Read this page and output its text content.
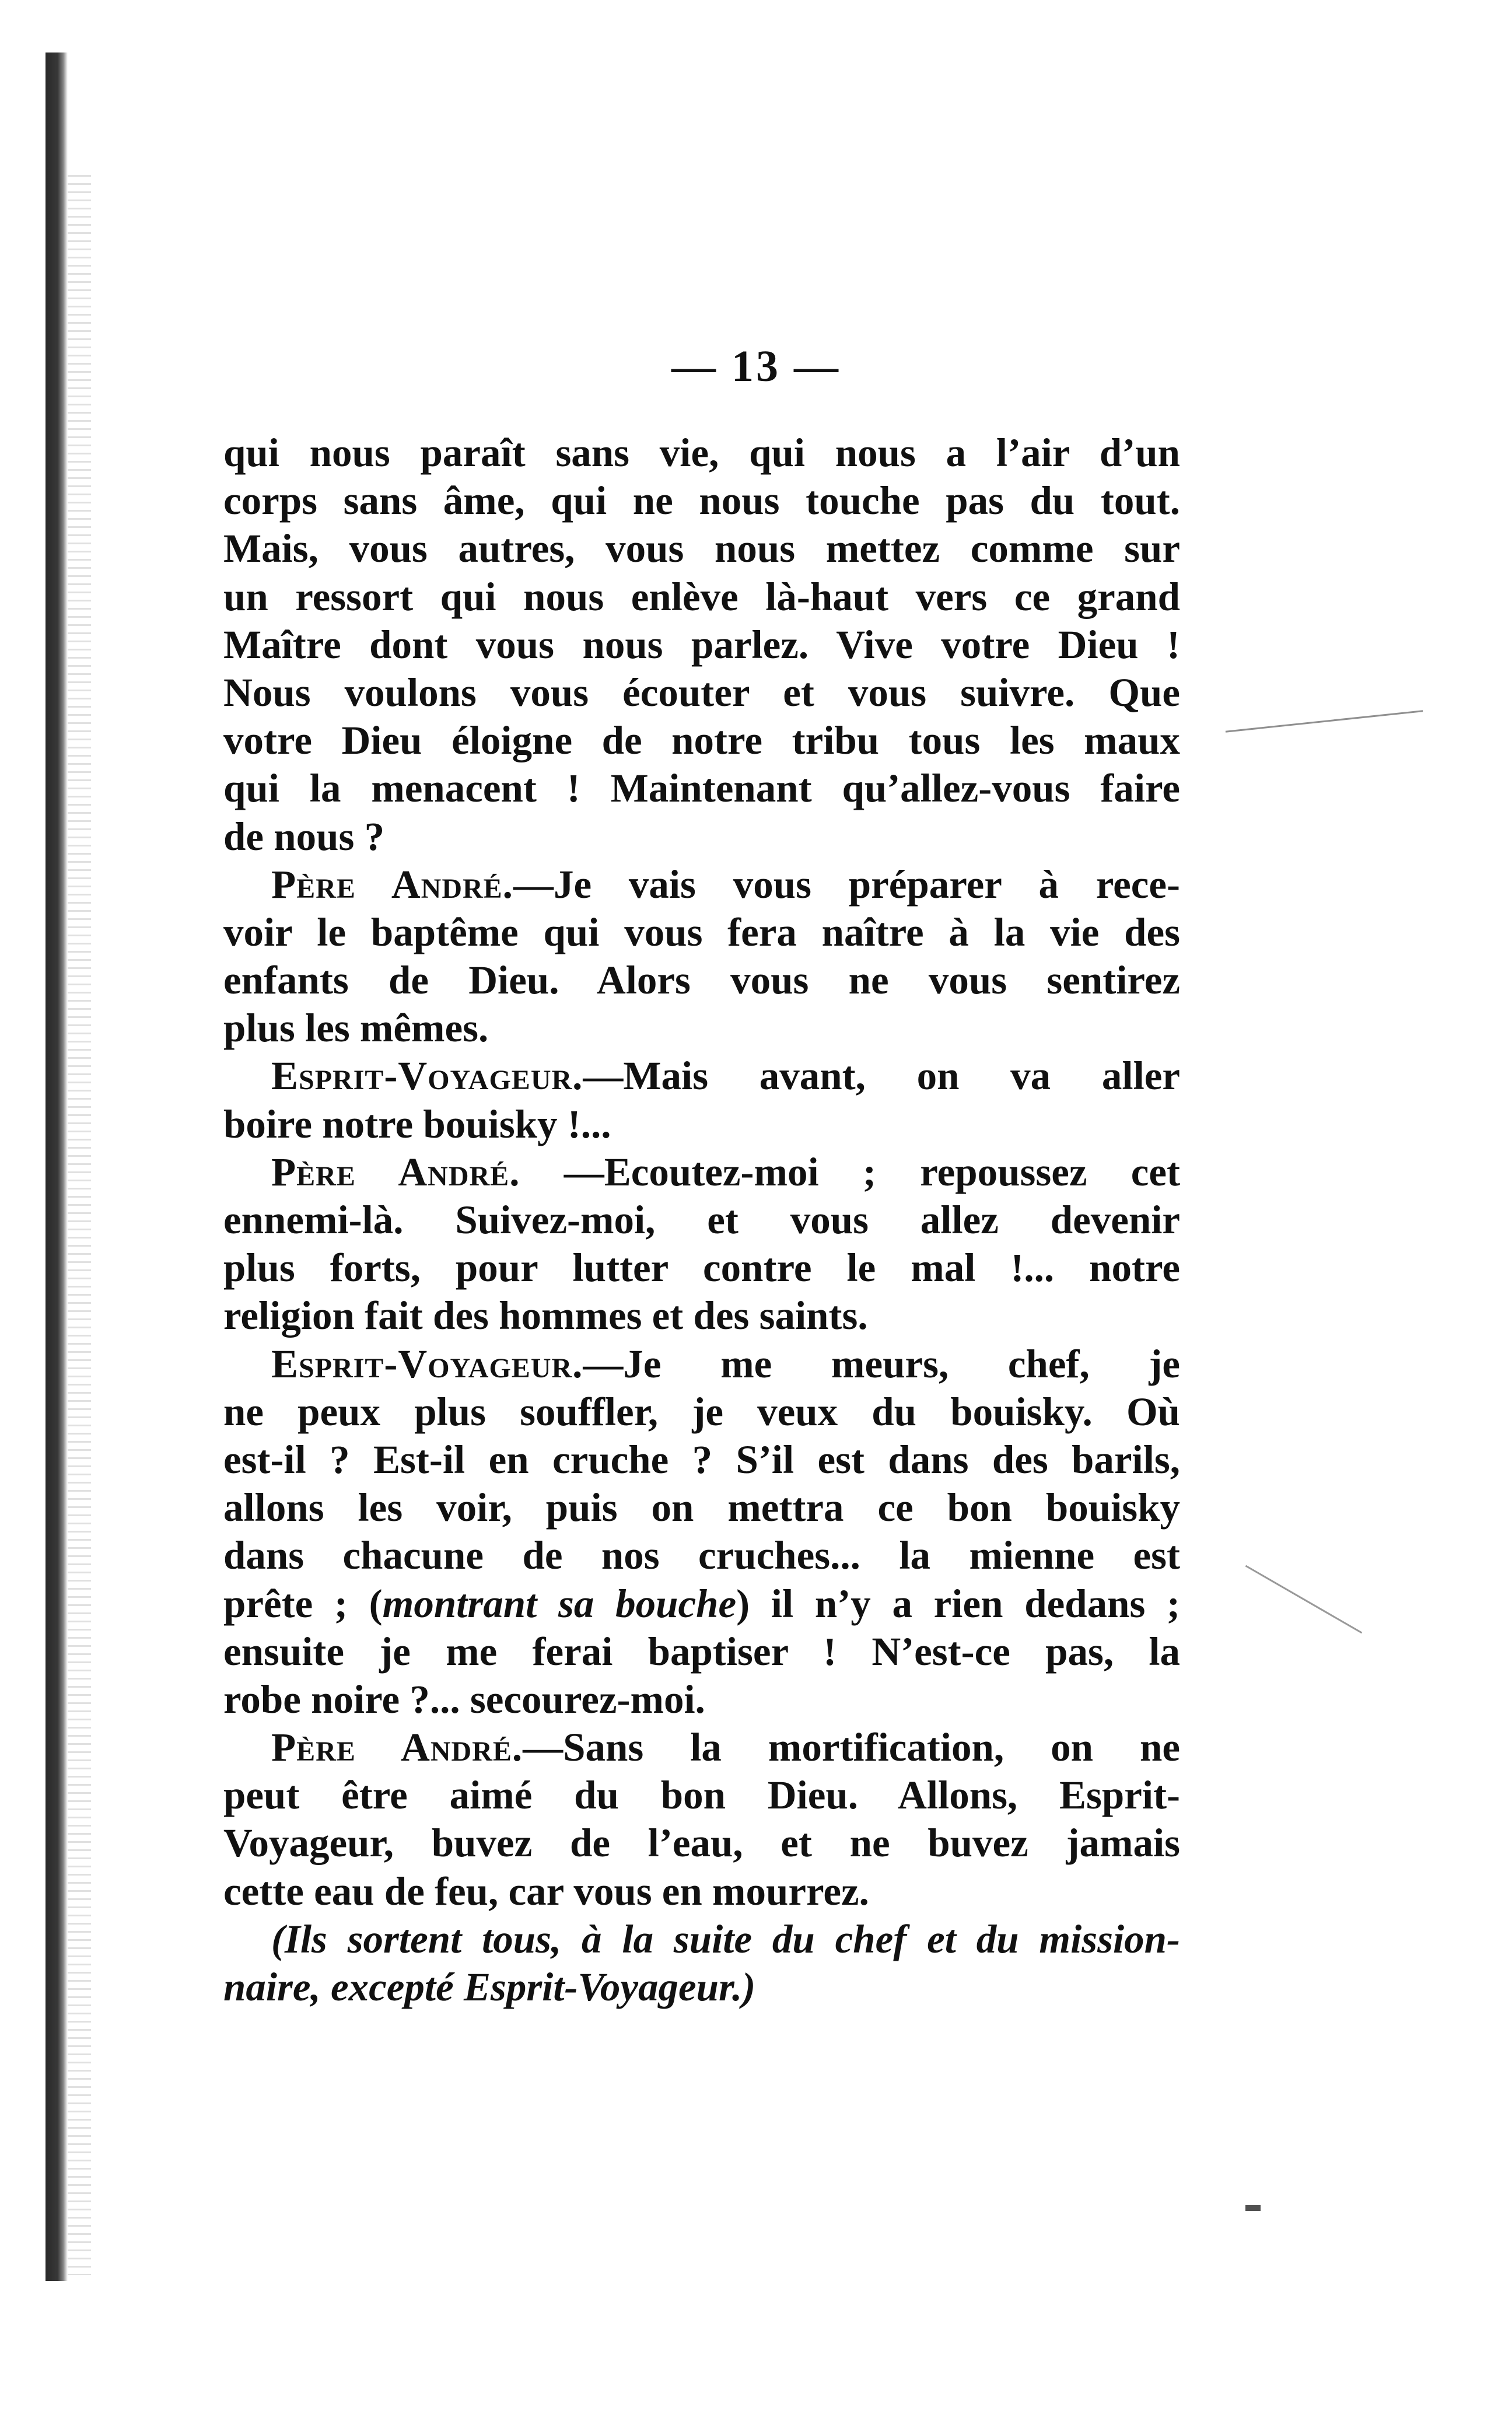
— 13 —
qui nous paraît sans vie, qui nous a l’air d’un
corps sans âme, qui ne nous touche pas du tout.
Mais, vous autres, vous nous mettez comme sur
un ressort qui nous enlève là-haut vers ce grand
Maître dont vous nous parlez. Vive votre Dieu !
Nous voulons vous écouter et vous suivre. Que
votre Dieu éloigne de notre tribu tous les maux
qui la menacent ! Maintenant qu’allez-vous faire
de nous ?
Père André.—Je vais vous préparer à rece-
voir le baptême qui vous fera naître à la vie des
enfants de Dieu. Alors vous ne vous sentirez
plus les mêmes.
Esprit-Voyageur.—Mais avant, on va aller
boire notre bouisky !...
Père André. —Ecoutez-moi ; repoussez cet
ennemi-là. Suivez-moi, et vous allez devenir
plus forts, pour lutter contre le mal !... notre
religion fait des hommes et des saints.
Esprit-Voyageur.—Je me meurs, chef, je
ne peux plus souffler, je veux du bouisky. Où
est-il ? Est-il en cruche ? S’il est dans des barils,
allons les voir, puis on mettra ce bon bouisky
dans chacune de nos cruches... la mienne est
prête ; (montrant sa bouche) il n’y a rien dedans ;
ensuite je me ferai baptiser ! N’est-ce pas, la
robe noire ?... secourez-moi.
Père André.—Sans la mortification, on ne
peut être aimé du bon Dieu. Allons, Esprit-
Voyageur, buvez de l’eau, et ne buvez jamais
cette eau de feu, car vous en mourrez.
(Ils sortent tous, à la suite du chef et du mission-
naire, excepté Esprit-Voyageur.)
